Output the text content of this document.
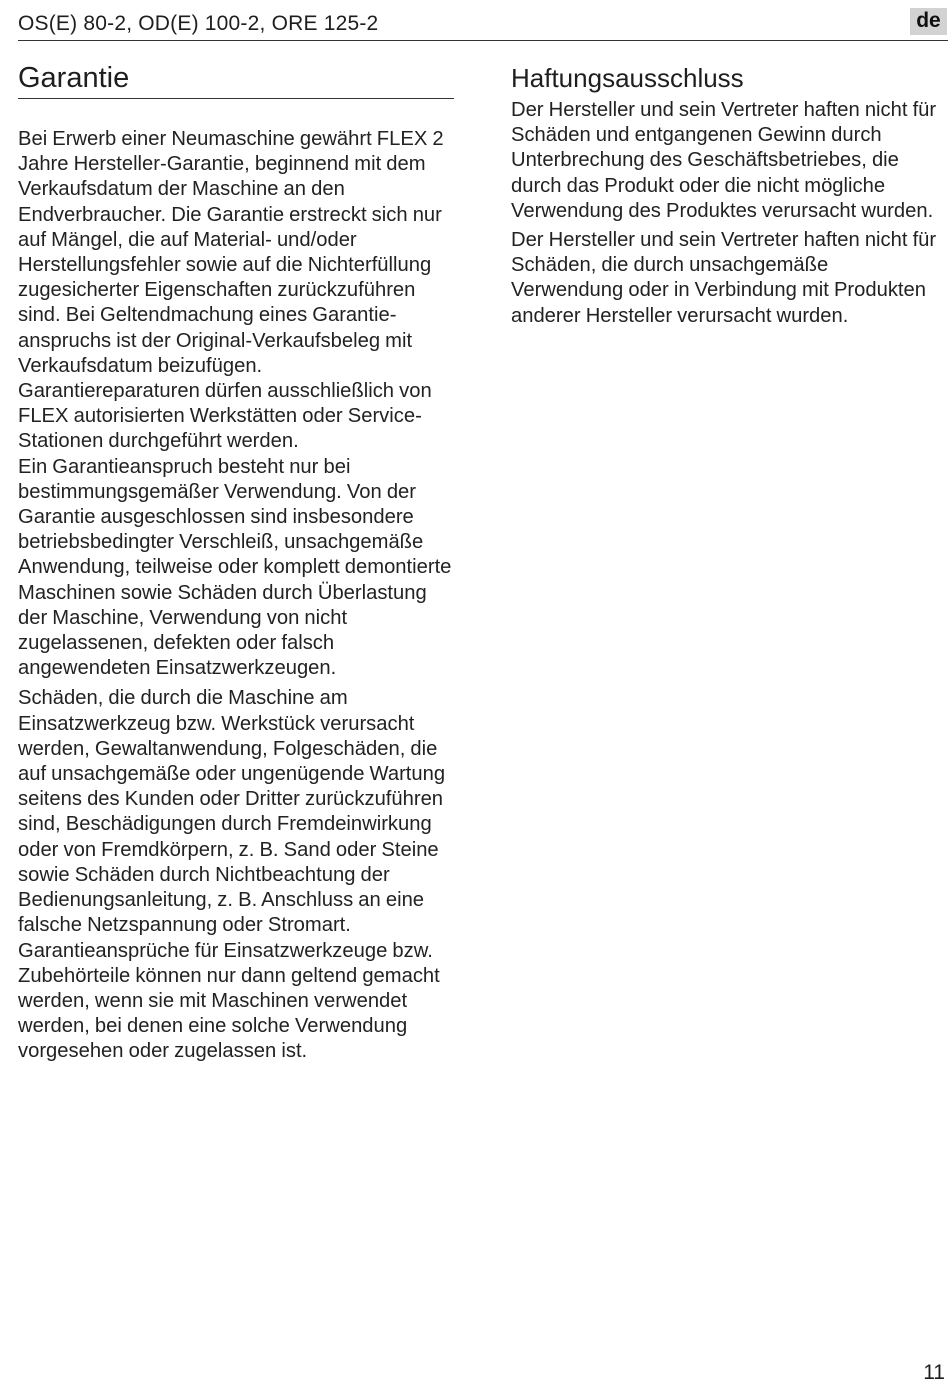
OS(E) 80-2, OD(E) 100-2, ORE 125-2	de
Garantie

Bei Erwerb einer Neumaschine gewährt FLEX 2 Jahre Hersteller-Garantie, beginnend mit dem Verkaufsdatum der Maschine an den Endverbraucher. Die Garantie erstreckt sich nur auf Mängel, die auf Material- und/oder Herstellungsfehler sowie auf die Nichterfüllung zugesicherter Eigenschaften zurückzuführen sind. Bei Geltendmachung eines Garantieanspruchs ist der Original-Verkaufsbeleg mit Verkaufsdatum beizufügen.

Garantiereparaturen dürfen ausschließlich von FLEX autorisierten Werkstätten oder Service-Stationen durchgeführt werden.

Ein Garantieanspruch besteht nur bei bestimmungsgemäßer Verwendung. Von der Garantie ausgeschlossen sind insbesondere betriebsbedingter Verschleiß, unsachgemäße Anwendung, teilweise oder komplett demontierte Maschinen sowie Schäden durch Überlastung der Maschine, Verwendung von nicht zugelassenen, defekten oder falsch angewendeten Einsatzwerkzeugen.

Schäden, die durch die Maschine am Einsatzwerkzeug bzw. Werkstück verursacht werden, Gewaltanwendung, Folgeschäden, die auf unsachgemäße oder ungenügende Wartung seitens des Kunden oder Dritter zurückzuführen sind, Beschädigungen durch Fremdeinwirkung oder von Fremdkörpern, z. B. Sand oder Steine sowie Schäden durch Nichtbeachtung der Bedienungsanleitung, z. B. Anschluss an eine falsche Netzspannung oder Stromart. Garantieansprüche für Einsatzwerkzeuge bzw. Zubehörteile können nur dann geltend gemacht werden, wenn sie mit Maschinen verwendet werden, bei denen eine solche Verwendung vorgesehen oder zugelassen ist.

Haftungsausschluss

Der Hersteller und sein Vertreter haften nicht für Schäden und entgangenen Gewinn durch Unterbrechung des Geschäftsbetriebes, die durch das Produkt oder die nicht mögliche Verwendung des Produktes verursacht wurden.

Der Hersteller und sein Vertreter haften nicht für Schäden, die durch unsachgemäße Verwendung oder in Verbindung mit Produkten anderer Hersteller verursacht wurden.

11
